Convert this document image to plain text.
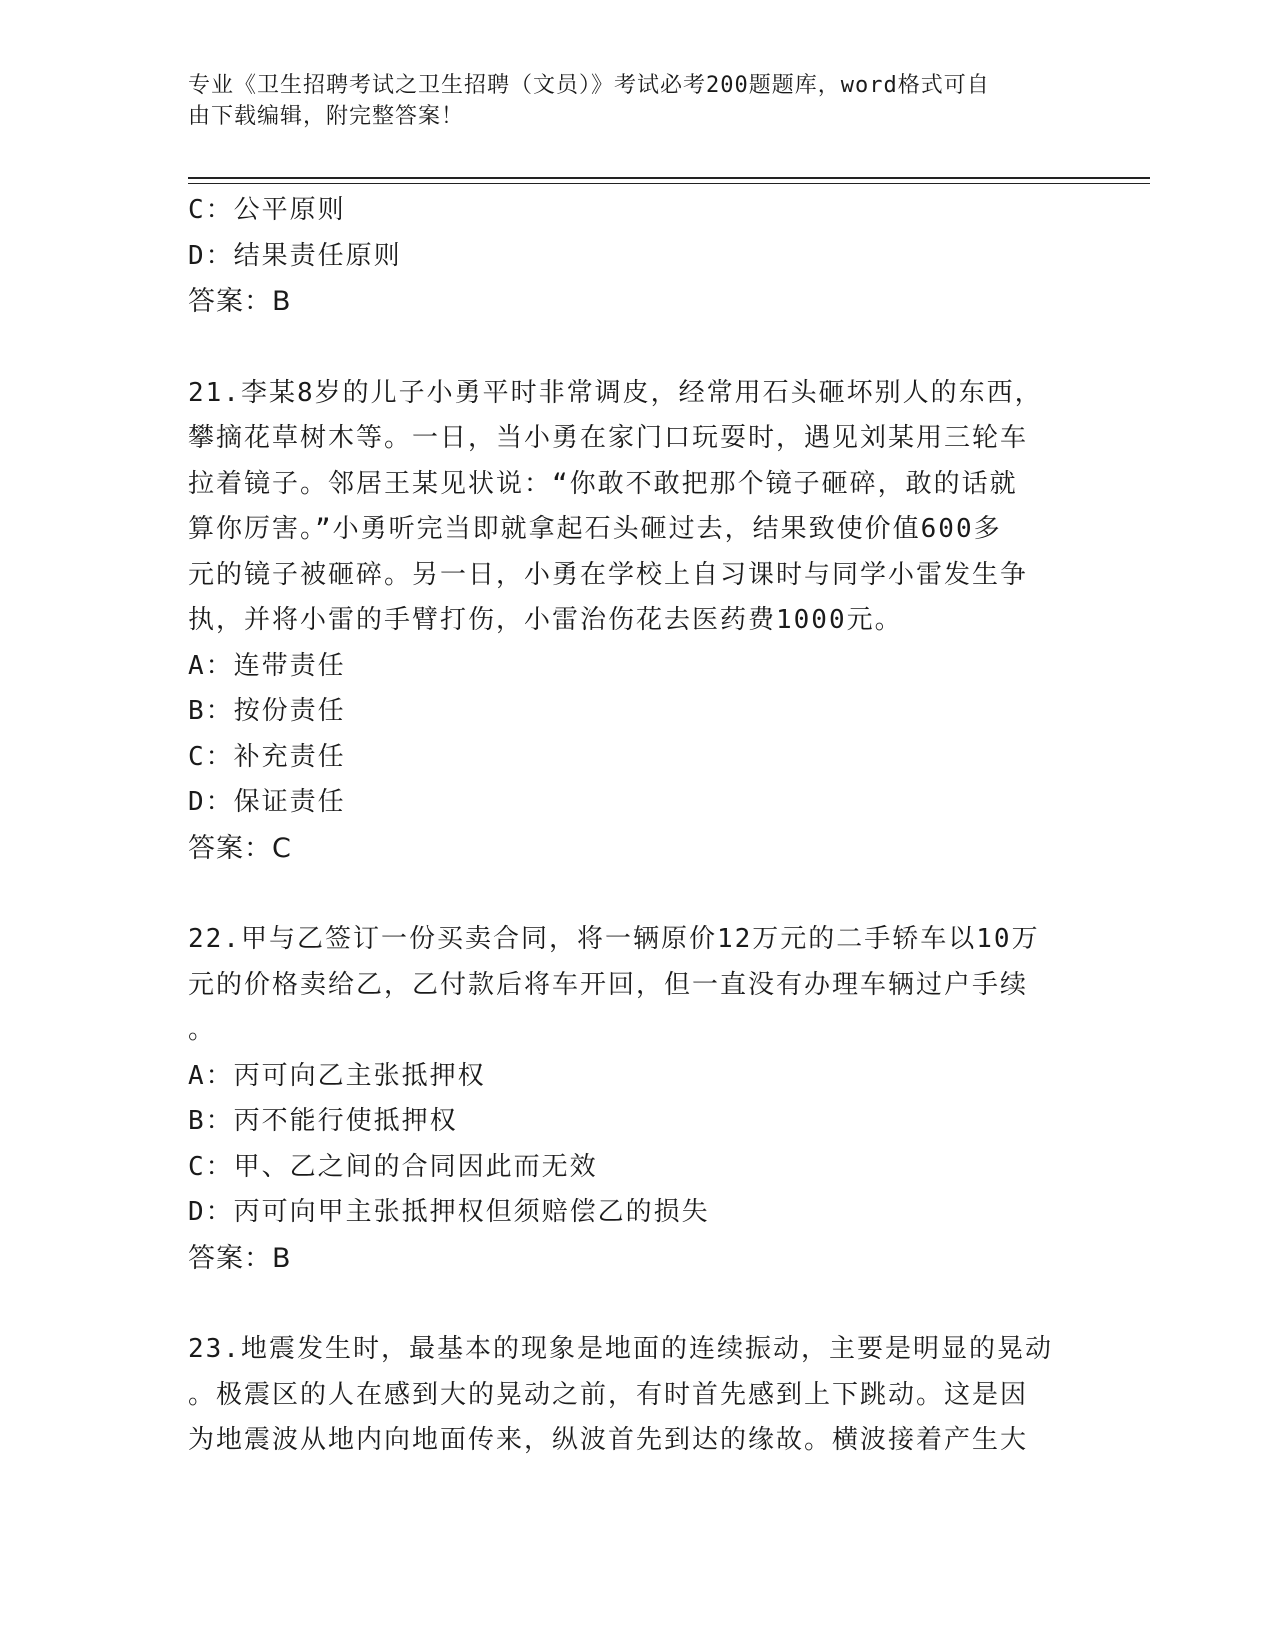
专业《卫生招聘考试之卫生招聘（文员）》考试必考200题题库，word格式可自
由下载编辑，附完整答案！
C：公平原则
D：结果责任原则
答案：B
21.李某8岁的儿子小勇平时非常调皮，经常用石头砸坏别人的东西，
攀摘花草树木等。一日，当小勇在家门口玩耍时，遇见刘某用三轮车
拉着镜子。邻居王某见状说：“你敢不敢把那个镜子砸碎，敢的话就
算你厉害。”小勇听完当即就拿起石头砸过去，结果致使价值600多
元的镜子被砸碎。另一日，小勇在学校上自习课时与同学小雷发生争
执，并将小雷的手臂打伤，小雷治伤花去医药费1000元。
A：连带责任
B：按份责任
C：补充责任
D：保证责任
答案：C
22.甲与乙签订一份买卖合同，将一辆原价12万元的二手轿车以10万
元的价格卖给乙，乙付款后将车开回，但一直没有办理车辆过户手续
。
A：丙可向乙主张抵押权
B：丙不能行使抵押权
C：甲、乙之间的合同因此而无效
D：丙可向甲主张抵押权但须赔偿乙的损失
答案：B
23.地震发生时，最基本的现象是地面的连续振动，主要是明显的晃动
。极震区的人在感到大的晃动之前，有时首先感到上下跳动。这是因
为地震波从地内向地面传来，纵波首先到达的缘故。横波接着产生大
